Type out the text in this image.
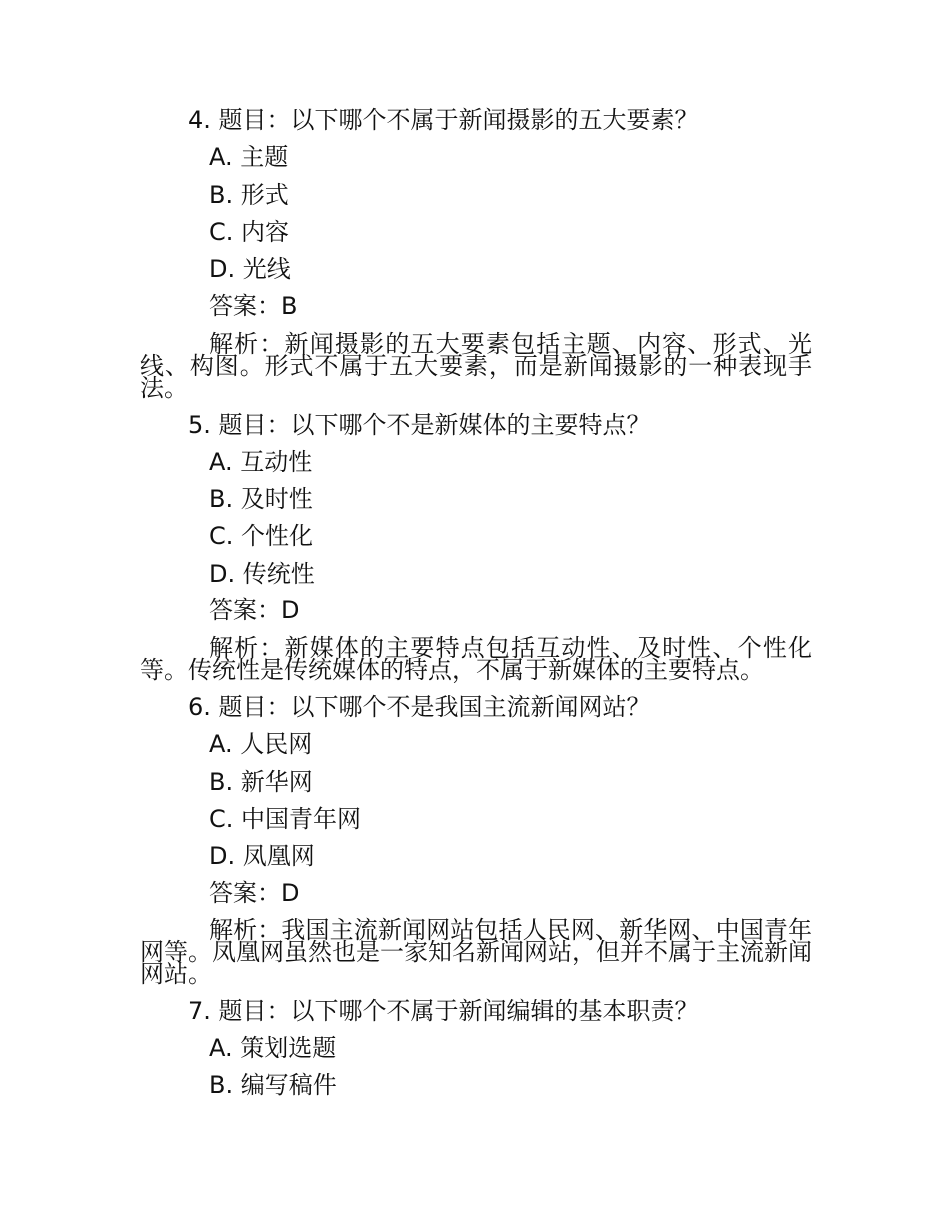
4. 题目：以下哪个不属于新闻摄影的五大要素？
A. 主题
B. 形式
C. 内容
D. 光线
答案：B
解析：新闻摄影的五大要素包括主题、内容、形式、光线、构图。形式不属于五大要素，而是新闻摄影的一种表现手法。
5. 题目：以下哪个不是新媒体的主要特点？
A. 互动性
B. 及时性
C. 个性化
D. 传统性
答案：D
解析：新媒体的主要特点包括互动性、及时性、个性化等。传统性是传统媒体的特点，不属于新媒体的主要特点。
6. 题目：以下哪个不是我国主流新闻网站？
A. 人民网
B. 新华网
C. 中国青年网
D. 凤凰网
答案：D
解析：我国主流新闻网站包括人民网、新华网、中国青年网等。凤凰网虽然也是一家知名新闻网站，但并不属于主流新闻网站。
7. 题目：以下哪个不属于新闻编辑的基本职责？
A. 策划选题
B. 编写稿件
